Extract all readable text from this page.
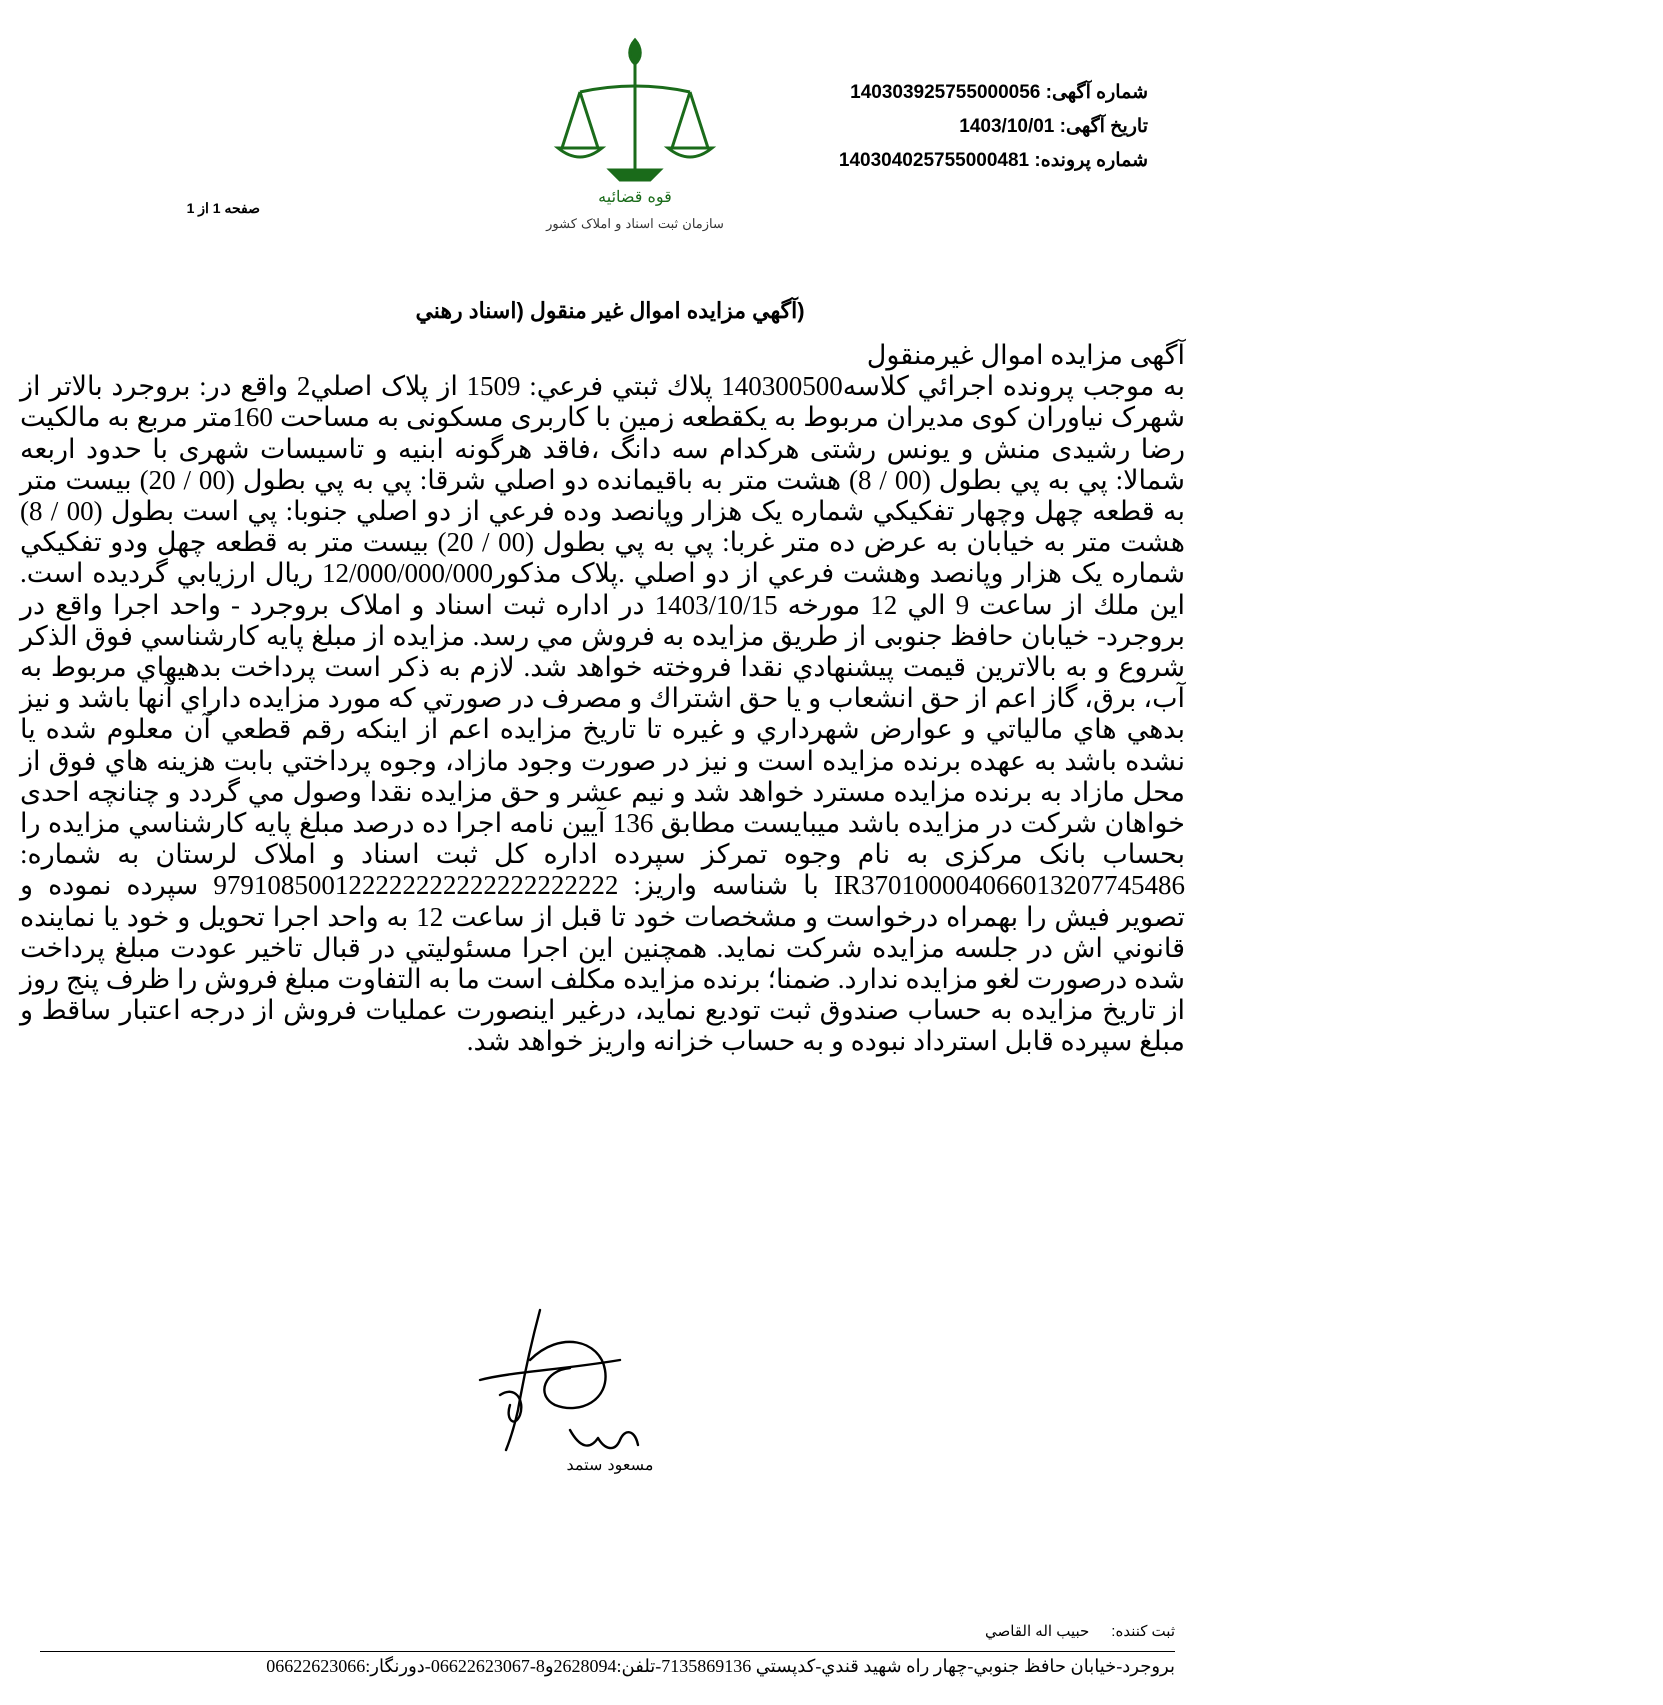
شماره آگهی: 140303925755000056
تاریخ آگهی: 1403/10/01
شماره پرونده: 140304025755000481
قوه قضائیه
سازمان ثبت اسناد و املاک کشور
صفحه 1 از 1
(آگهي مزايده اموال غير منقول (اسناد رهني

آگهی مزایده اموال غیرمنقول

به موجب پرونده اجرائي كلاسه140300500 پلاك ثبتي فرعي: 1509 از پلاک اصلي2 واقع در: بروجرد بالاتر از شهرک نیاوران کوی مدیران مربوط به یکقطعه زمین با کاربری مسکونی به مساحت 160متر مربع به مالکیت رضا رشیدی منش و یونس رشتی هرکدام سه دانگ ،فاقد هرگونه ابنیه و تاسیسات شهری با حدود اربعه شمالا: پي به پي بطول (00 / 8) هشت متر به باقيمانده دو اصلي شرقا: پي به پي بطول (00 / 20) بيست متر به قطعه چهل وچهار تفكيكي شماره يک هزار وپانصد وده فرعي از دو اصلي جنوبا: پي است بطول (00 / 8) هشت متر به خيابان به عرض ده متر غربا: پي به پي بطول (00 / 20) بيست متر به قطعه چهل ودو تفكيكي شماره يک هزار وپانصد وهشت فرعي از دو اصلي .پلاک مذكور12/000/000/000 ريال ارزيابي گرديده است. اين ملك از ساعت 9 الي 12 مورخه 1403/10/15 در اداره ثبت اسناد و املاک بروجرد - واحد اجرا واقع در بروجرد- خیابان حافظ جنوبی از طريق مزايده به فروش مي رسد. مزايده از مبلغ پايه كارشناسي فوق الذكر شروع و به بالاترين قيمت پيشنهادي نقدا فروخته خواهد شد. لازم به ذكر است پرداخت بدهيهاي مربوط به آب، برق، گاز اعم از حق انشعاب و يا حق اشتراك و مصرف در صورتي كه مورد مزايده داراي آنها باشد و نيز بدهي هاي مالياتي و عوارض شهرداري و غيره تا تاريخ مزايده اعم از اينكه رقم قطعي آن معلوم شده يا نشده باشد به عهده برنده مزايده است و نيز در صورت وجود مازاد، وجوه پرداختي بابت هزينه هاي فوق از محل مازاد به برنده مزايده مسترد خواهد شد و نيم عشر و حق مزايده نقدا وصول مي گردد و چنانچه احدی خواهان شرکت در مزايده باشد ميبايست مطابق 136 آيين نامه اجرا ده درصد مبلغ پايه كارشناسي مزايده را بحساب بانک مرکزی به نام وجوه تمرکز سپرده اداره كل ثبت اسناد و املاک لرستان به شماره: IR370100004066013207745486 با شناسه واریز: 979108500122222222222222222222 سپرده نموده و تصوير فيش را بهمراه درخواست و مشخصات خود تا قبل از ساعت 12 به واحد اجرا تحويل و خود يا نماينده قانوني اش در جلسه مزايده شركت نمايد. همچنين اين اجرا مسئوليتي در قبال تاخير عودت مبلغ پرداخت شده درصورت لغو مزايده ندارد. ضمنا؛ برنده مزايده مكلف است ما به التفاوت مبلغ فروش را ظرف پنج روز از تاريخ مزايده به حساب صندوق ثبت توديع نمايد، درغير اينصورت عمليات فروش از درجه اعتبار ساقط و مبلغ سپرده قابل استرداد نبوده و به حساب خزانه واريز خواهد شد.

مسعود ستمد
ثبت كننده:حبيب اله القاصي
بروجرد-خيابان حافظ جنوبي-چهار راه شهيد قندي-كدپستي 7135869136-تلفن:2628094و8-06622623067-دورنگار:06622623066
